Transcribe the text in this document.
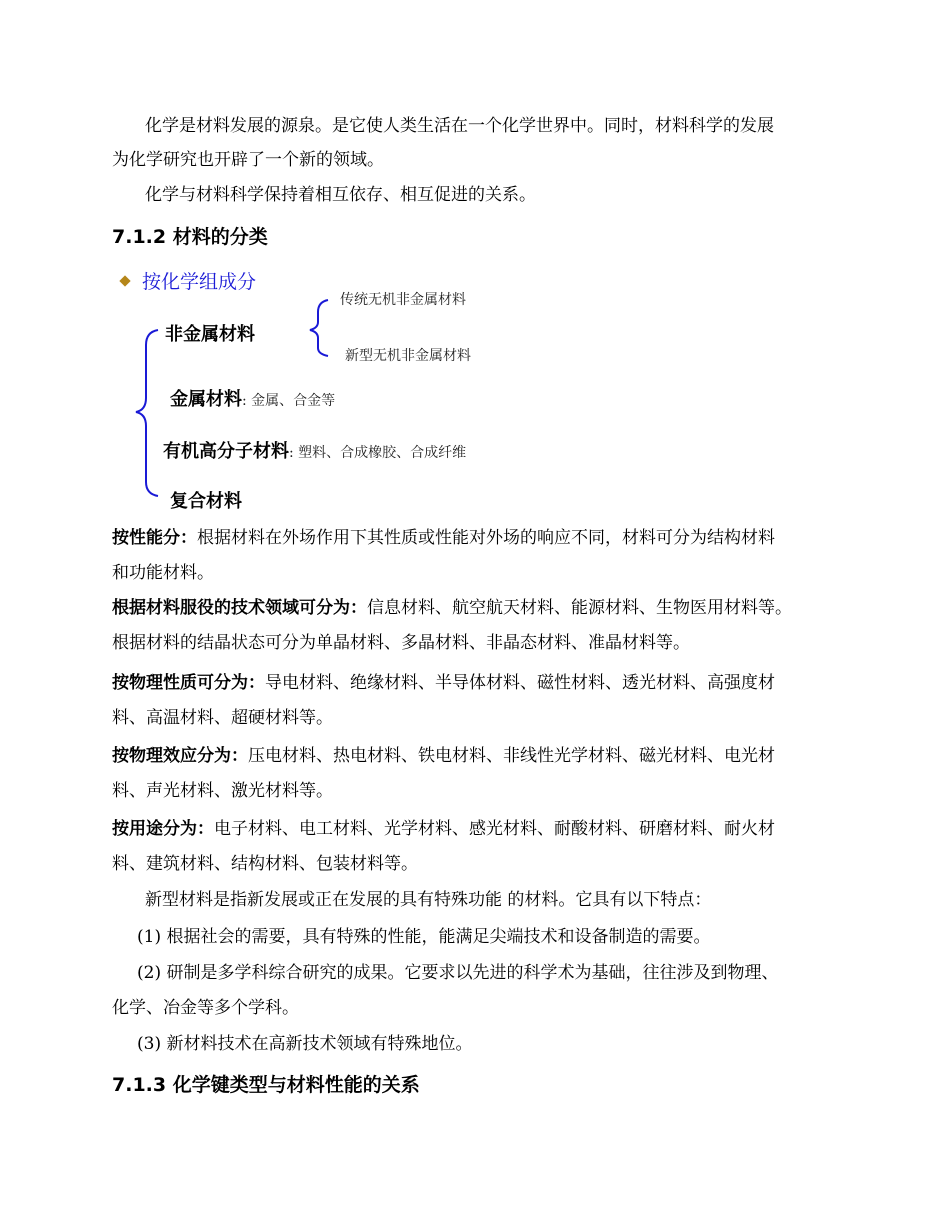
化学是材料发展的源泉。是它使人类生活在一个化学世界中。同时，材料科学的发展
为化学研究也开辟了一个新的领域。
化学与材料科学保持着相互依存、相互促进的关系。
7.1.2 材料的分类
按化学组成分
非金属材料
传统无机非金属材料
新型无机非金属材料
金属材料: 金属、合金等
有机高分子材料: 塑料、合成橡胶、合成纤维
复合材料
按性能分：根据材料在外场作用下其性质或性能对外场的响应不同，材料可分为结构材料
和功能材料。
根据材料服役的技术领域可分为：信息材料、航空航天材料、能源材料、生物医用材料等。
根据材料的结晶状态可分为单晶材料、多晶材料、非晶态材料、准晶材料等。
按物理性质可分为：导电材料、绝缘材料、半导体材料、磁性材料、透光材料、高强度材
料、高温材料、超硬材料等。
按物理效应分为：压电材料、热电材料、铁电材料、非线性光学材料、磁光材料、电光材
料、声光材料、激光材料等。
按用途分为：电子材料、电工材料、光学材料、感光材料、耐酸材料、研磨材料、耐火材
料、建筑材料、结构材料、包装材料等。
新型材料是指新发展或正在发展的具有特殊功能 的材料。它具有以下特点：
(1) 根据社会的需要，具有特殊的性能，能满足尖端技术和设备制造的需要。
(2) 研制是多学科综合研究的成果。它要求以先进的科学术为基础，往往涉及到物理、
化学、冶金等多个学科。
(3) 新材料技术在高新技术领域有特殊地位。
7.1.3 化学键类型与材料性能的关系
